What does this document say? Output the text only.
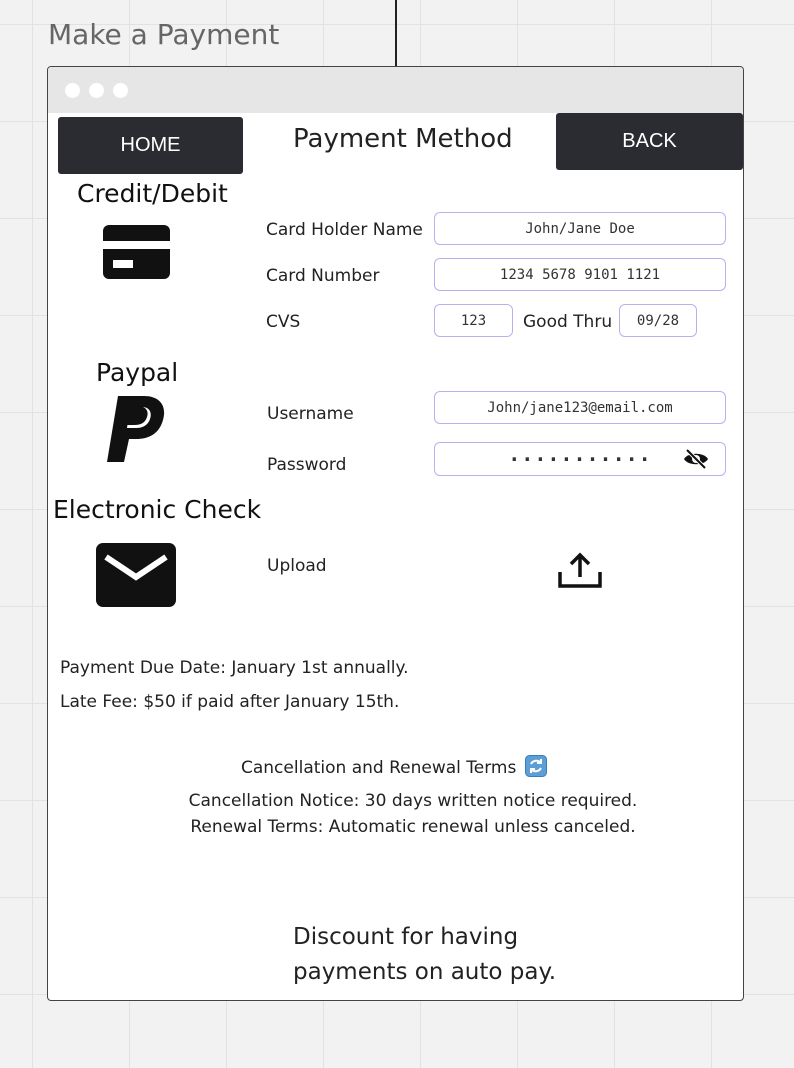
Make a Payment
HOME	Payment Method	BACK
Credit/Debit
Card Holder Name	John/Jane Doe
Card Number	1234 5678 9101 1121
CVS	123	Good Thru	09/28
Paypal
Username	John/jane123@email.com
Password	...........
Electronic Check
Upload
Payment Due Date: January 1st annually.
Late Fee: $50 if paid after January 15th.
Cancellation and Renewal Terms
Cancellation Notice: 30 days written notice required.
Renewal Terms: Automatic renewal unless canceled.
Discount for having
payments on auto pay.
